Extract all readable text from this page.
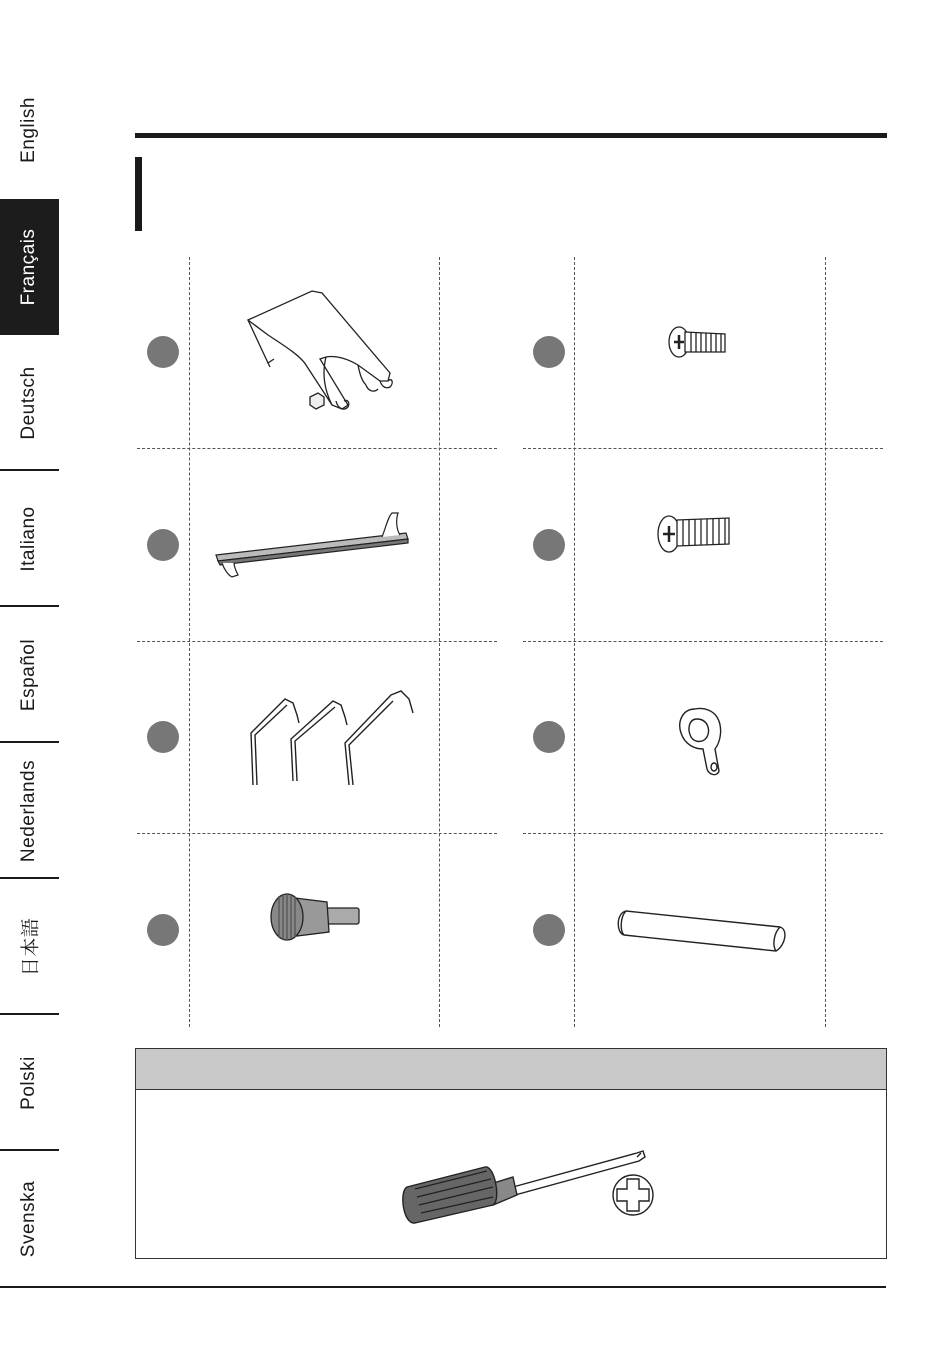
English
Français
Deutsch
Italiano
Español
Nederlands
日本語
Polski
Svenska
